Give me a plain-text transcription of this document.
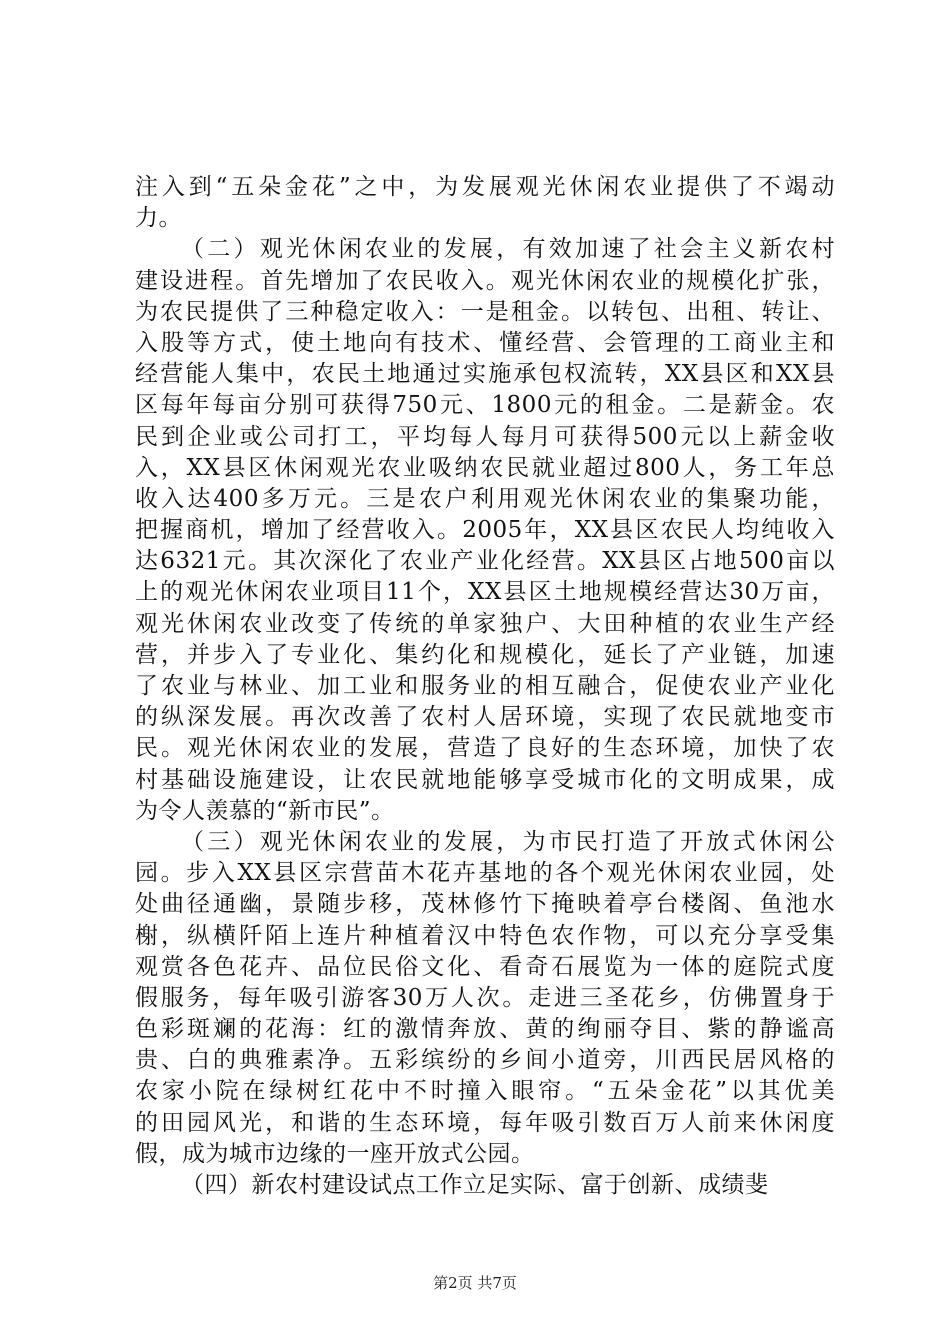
注入到“五朵金花”之中，为发展观光休闲农业提供了不竭动
力。
（二）观光休闲农业的发展，有效加速了社会主义新农村
建设进程。首先增加了农民收入。观光休闲农业的规模化扩张，
为农民提供了三种稳定收入：一是租金。以转包、出租、转让、
入股等方式，使土地向有技术、懂经营、会管理的工商业主和
经营能人集中，农民土地通过实施承包权流转，XX县区和XX县
区每年每亩分别可获得750元、1800元的租金。二是薪金。农
民到企业或公司打工，平均每人每月可获得500元以上薪金收
入，XX县区休闲观光农业吸纳农民就业超过800人，务工年总
收入达400多万元。三是农户利用观光休闲农业的集聚功能，
把握商机，增加了经营收入。2005年，XX县区农民人均纯收入
达6321元。其次深化了农业产业化经营。XX县区占地500亩以
上的观光休闲农业项目11个，XX县区土地规模经营达30万亩，
观光休闲农业改变了传统的单家独户、大田种植的农业生产经
营，并步入了专业化、集约化和规模化，延长了产业链，加速
了农业与林业、加工业和服务业的相互融合，促使农业产业化
的纵深发展。再次改善了农村人居环境，实现了农民就地变市
民。观光休闲农业的发展，营造了良好的生态环境，加快了农
村基础设施建设，让农民就地能够享受城市化的文明成果，成
为令人羡慕的“新市民”。
（三）观光休闲农业的发展，为市民打造了开放式休闲公
园。步入XX县区宗营苗木花卉基地的各个观光休闲农业园，处
处曲径通幽，景随步移，茂林修竹下掩映着亭台楼阁、鱼池水
榭，纵横阡陌上连片种植着汉中特色农作物，可以充分享受集
观赏各色花卉、品位民俗文化、看奇石展览为一体的庭院式度
假服务，每年吸引游客30万人次。走进三圣花乡，仿佛置身于
色彩斑斓的花海：红的激情奔放、黄的绚丽夺目、紫的静谧高
贵、白的典雅素净。五彩缤纷的乡间小道旁，川西民居风格的
农家小院在绿树红花中不时撞入眼帘。“五朵金花”以其优美
的田园风光，和谐的生态环境，每年吸引数百万人前来休闲度
假，成为城市边缘的一座开放式公园。
（四）新农村建设试点工作立足实际、富于创新、成绩斐
第2页 共7页
